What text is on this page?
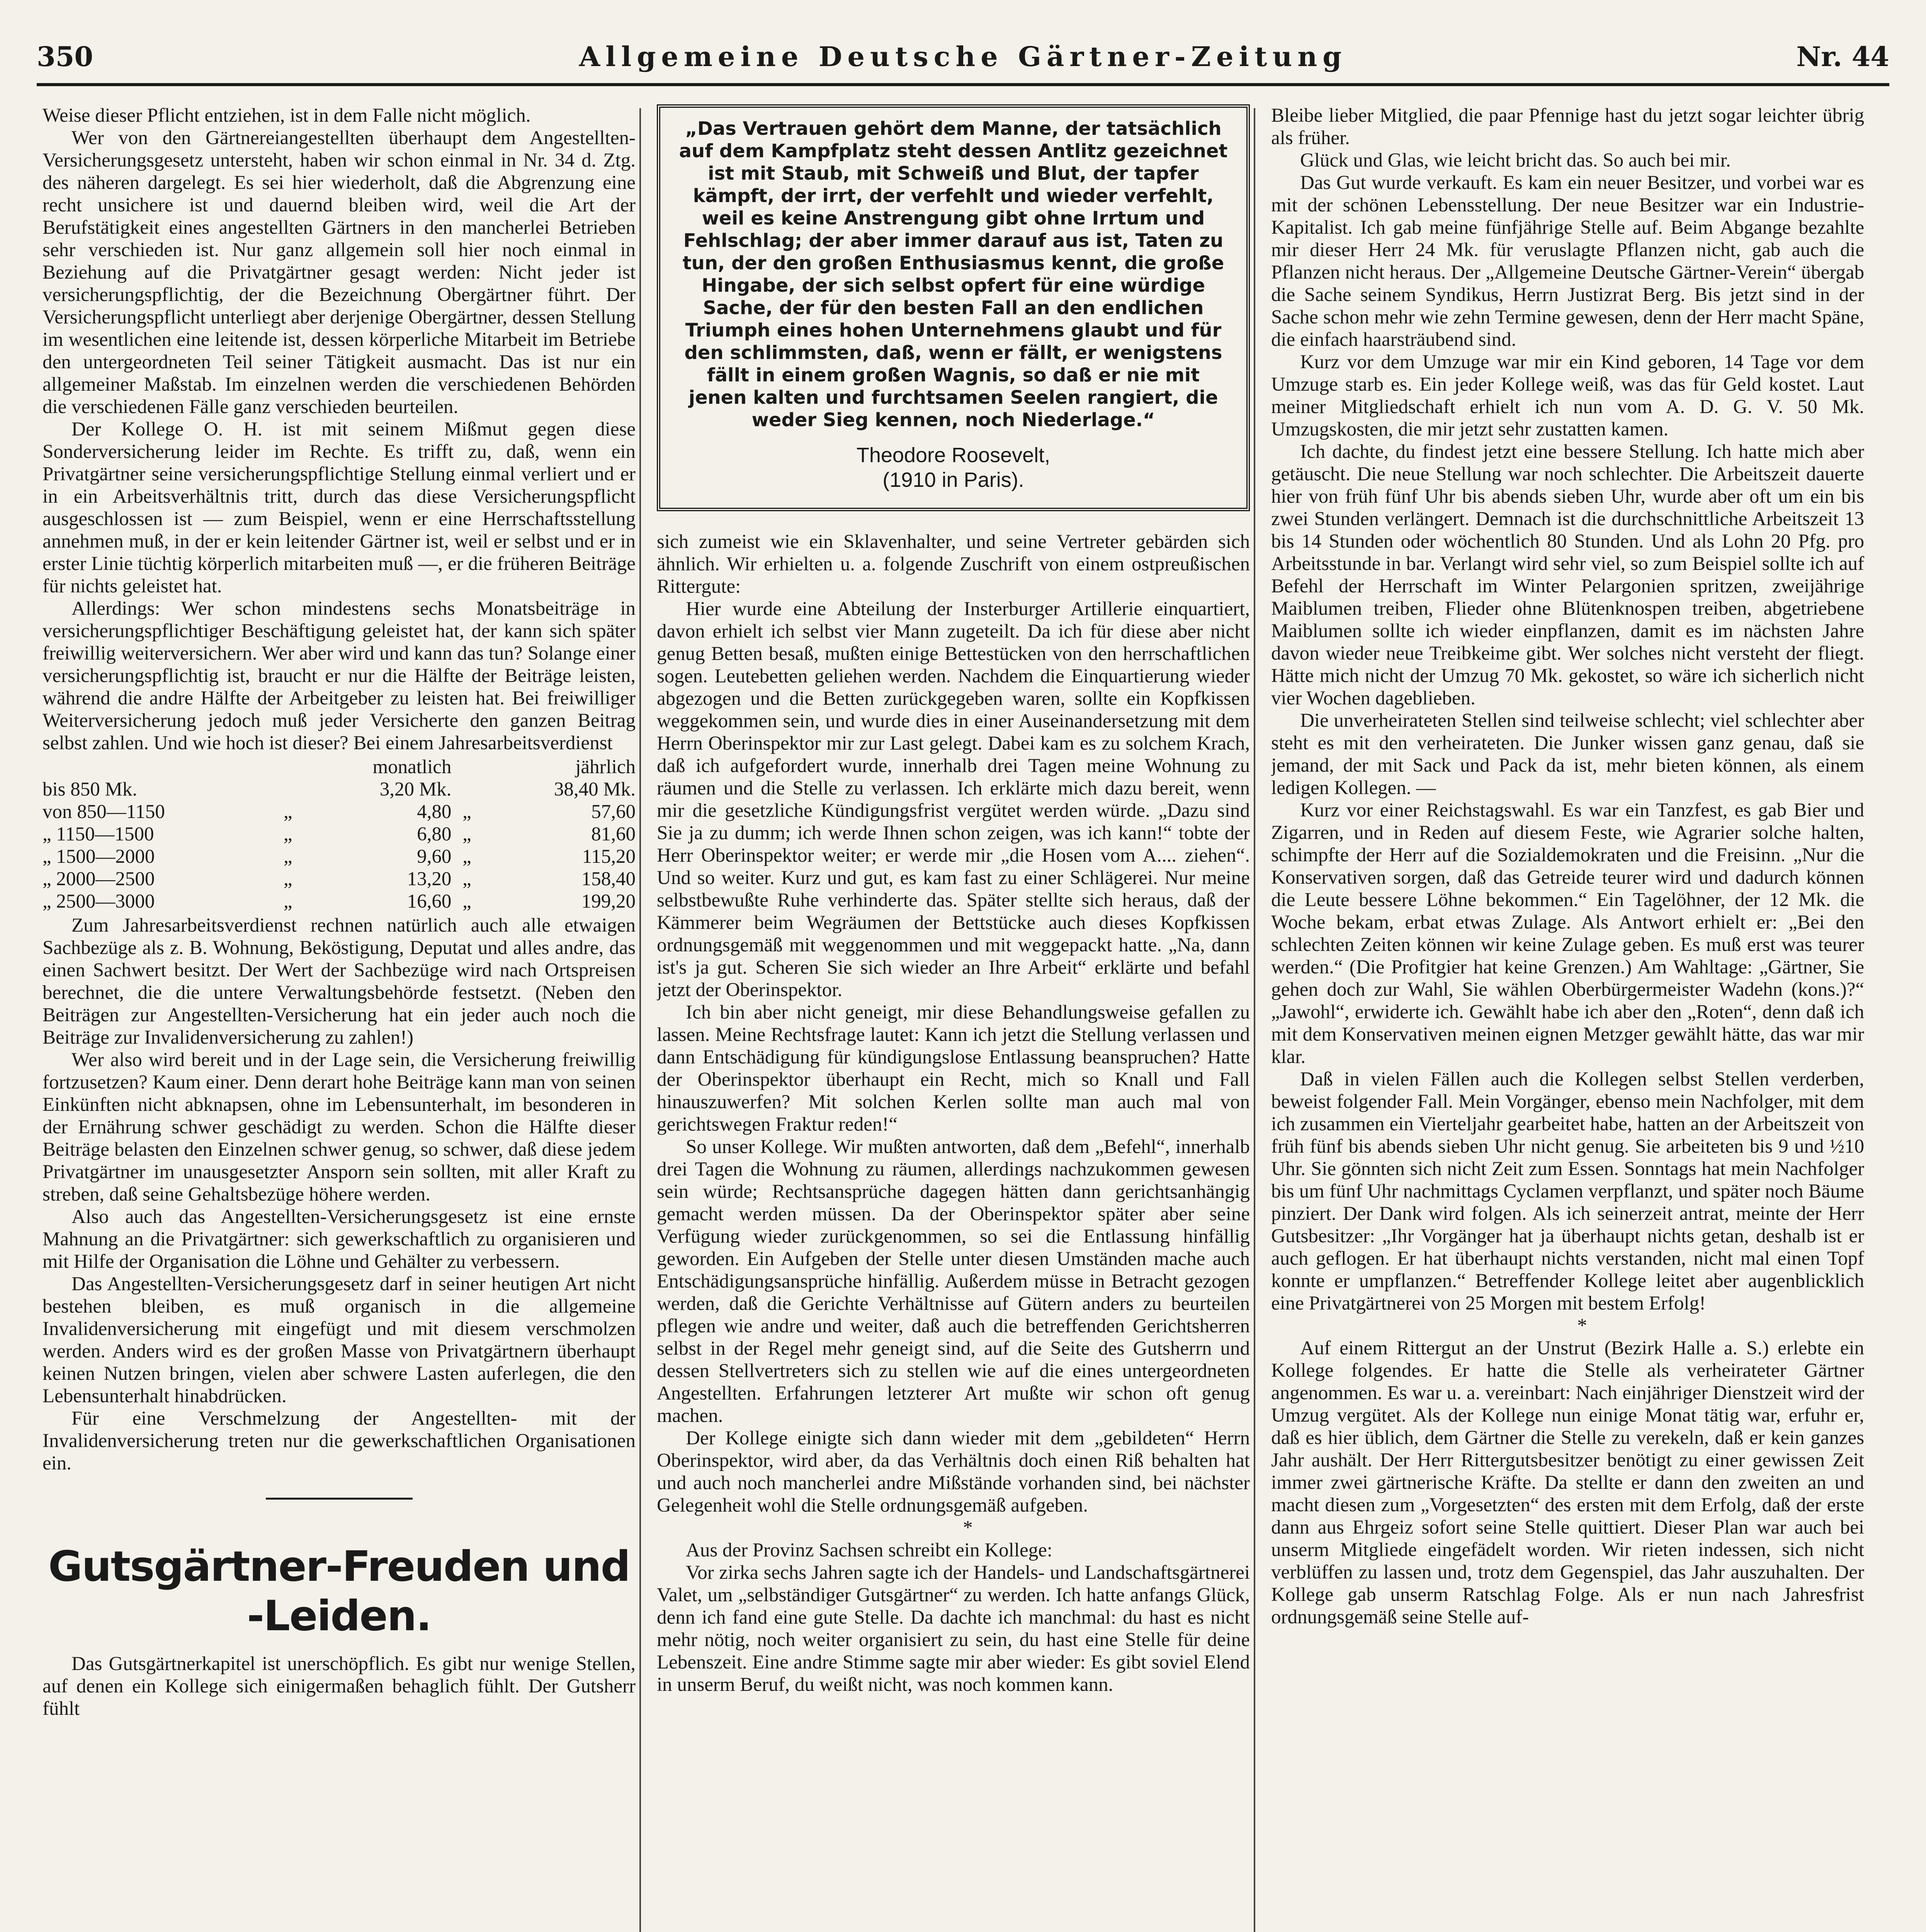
350	Allgemeine Deutsche Gärtner-Zeitung	Nr. 44

Weise dieser Pflicht entziehen, ist in dem Falle nicht möglich.

Wer von den Gärtnereiangestellten überhaupt dem Angestellten-Versicherungsgesetz untersteht, haben wir schon einmal in Nr. 34 d. Ztg. des näheren dargelegt. Es sei hier wiederholt, daß die Abgrenzung eine recht unsichere ist und dauernd bleiben wird, weil die Art der Berufstätigkeit eines angestellten Gärtners in den mancherlei Betrieben sehr verschieden ist. Nur ganz allgemein soll hier noch einmal in Beziehung auf die Privatgärtner gesagt werden: Nicht jeder ist versicherungspflichtig, der die Bezeichnung Obergärtner führt. Der Versicherungspflicht unterliegt aber derjenige Obergärtner, dessen Stellung im wesentlichen eine leitende ist, dessen körperliche Mitarbeit im Betriebe den untergeordneten Teil seiner Tätigkeit ausmacht. Das ist nur ein allgemeiner Maßstab. Im einzelnen werden die verschiedenen Behörden die verschiedenen Fälle ganz verschieden beurteilen.

Der Kollege O. H. ist mit seinem Mißmut gegen diese Sonderversicherung leider im Rechte. Es trifft zu, daß, wenn ein Privatgärtner seine versicherungspflichtige Stellung einmal verliert und er in ein Arbeitsverhältnis tritt, durch das diese Versicherungspflicht ausgeschlossen ist — zum Beispiel, wenn er eine Herrschaftsstellung annehmen muß, in der er kein leitender Gärtner ist, weil er selbst und er in erster Linie tüchtig körperlich mitarbeiten muß —, er die früheren Beiträge für nichts geleistet hat.

Allerdings: Wer schon mindestens sechs Monatsbeiträge in versicherungspflichtiger Beschäftigung geleistet hat, der kann sich später freiwillig weiterversichern. Wer aber wird und kann das tun? Solange einer versicherungspflichtig ist, braucht er nur die Hälfte der Beiträge leisten, während die andre Hälfte der Arbeitgeber zu leisten hat. Bei freiwilliger Weiterversicherung jedoch muß jeder Versicherte den ganzen Beitrag selbst zahlen. Und wie hoch ist dieser? Bei einem Jahresarbeitsverdienst

		monatlich		jährlich
bis 850 Mk.		3,20 Mk.		38,40 Mk.
von 850—1150	„	4,80	„	57,60
„ 1150—1500	„	6,80	„	81,60
„ 1500—2000	„	9,60	„	115,20
„ 2000—2500	„	13,20	„	158,40
„ 2500—3000	„	16,60	„	199,20

Zum Jahresarbeitsverdienst rechnen natürlich auch alle etwaigen Sachbezüge als z. B. Wohnung, Beköstigung, Deputat und alles andre, das einen Sachwert besitzt. Der Wert der Sachbezüge wird nach Ortspreisen berechnet, die die untere Verwaltungsbehörde festsetzt. (Neben den Beiträgen zur Angestellten-Versicherung hat ein jeder auch noch die Beiträge zur Invalidenversicherung zu zahlen!)

Wer also wird bereit und in der Lage sein, die Versicherung freiwillig fortzusetzen? Kaum einer. Denn derart hohe Beiträge kann man von seinen Einkünften nicht abknapsen, ohne im Lebensunterhalt, im besonderen in der Ernährung schwer geschädigt zu werden. Schon die Hälfte dieser Beiträge belasten den Einzelnen schwer genug, so schwer, daß diese jedem Privatgärtner im unausgesetzter Ansporn sein sollten, mit aller Kraft zu streben, daß seine Gehaltsbezüge höhere werden.

Also auch das Angestellten-Versicherungsgesetz ist eine ernste Mahnung an die Privatgärtner: sich gewerkschaftlich zu organisieren und mit Hilfe der Organisation die Löhne und Gehälter zu verbessern.

Das Angestellten-Versicherungsgesetz darf in seiner heutigen Art nicht bestehen bleiben, es muß organisch in die allgemeine Invalidenversicherung mit eingefügt und mit diesem verschmolzen werden. Anders wird es der großen Masse von Privatgärtnern überhaupt keinen Nutzen bringen, vielen aber schwere Lasten auferlegen, die den Lebensunterhalt hinabdrücken.

Für eine Verschmelzung der Angestellten- mit der Invalidenversicherung treten nur die gewerkschaftlichen Organisationen ein.

Gutsgärtner-Freuden und -Leiden.

Das Gutsgärtnerkapitel ist unerschöpflich. Es gibt nur wenige Stellen, auf denen ein Kollege sich einigermaßen behaglich fühlt. Der Gutsherr fühlt

„Das Vertrauen gehört dem Manne, der tatsächlich auf dem Kampfplatz steht dessen Antlitz gezeichnet ist mit Staub, mit Schweiß und Blut, der tapfer kämpft, der irrt, der verfehlt und wieder verfehlt, weil es keine Anstrengung gibt ohne Irrtum und Fehlschlag; der aber immer darauf aus ist, Taten zu tun, der den großen Enthusiasmus kennt, die große Hingabe, der sich selbst opfert für eine würdige Sache, der für den besten Fall an den endlichen Triumph eines hohen Unternehmens glaubt und für den schlimmsten, daß, wenn er fällt, er wenigstens fällt in einem großen Wagnis, so daß er nie mit jenen kalten und furchtsamen Seelen rangiert, die weder Sieg kennen, noch Niederlage.“

Theodore Roosevelt,
(1910 in Paris).

sich zumeist wie ein Sklavenhalter, und seine Vertreter gebärden sich ähnlich. Wir erhielten u. a. folgende Zuschrift von einem ostpreußischen Rittergute:

Hier wurde eine Abteilung der Insterburger Artillerie einquartiert, davon erhielt ich selbst vier Mann zugeteilt. Da ich für diese aber nicht genug Betten besaß, mußten einige Bettestücken von den herrschaftlichen sogen. Leutebetten geliehen werden. Nachdem die Einquartierung wieder abgezogen und die Betten zurückgegeben waren, sollte ein Kopfkissen weggekommen sein, und wurde dies in einer Auseinandersetzung mit dem Herrn Oberinspektor mir zur Last gelegt. Dabei kam es zu solchem Krach, daß ich aufgefordert wurde, innerhalb drei Tagen meine Wohnung zu räumen und die Stelle zu verlassen. Ich erklärte mich dazu bereit, wenn mir die gesetzliche Kündigungsfrist vergütet werden würde. „Dazu sind Sie ja zu dumm; ich werde Ihnen schon zeigen, was ich kann!“ tobte der Herr Oberinspektor weiter; er werde mir „die Hosen vom A.... ziehen“. Und so weiter. Kurz und gut, es kam fast zu einer Schlägerei. Nur meine selbstbewußte Ruhe verhinderte das. Später stellte sich heraus, daß der Kämmerer beim Wegräumen der Bettstücke auch dieses Kopfkissen ordnungsgemäß mit weggenommen und mit weggepackt hatte. „Na, dann ist's ja gut. Scheren Sie sich wieder an Ihre Arbeit“ erklärte und befahl jetzt der Oberinspektor.

Ich bin aber nicht geneigt, mir diese Behandlungsweise gefallen zu lassen. Meine Rechtsfrage lautet: Kann ich jetzt die Stellung verlassen und dann Entschädigung für kündigungslose Entlassung beanspruchen? Hatte der Oberinspektor überhaupt ein Recht, mich so Knall und Fall hinauszuwerfen? Mit solchen Kerlen sollte man auch mal von gerichtswegen Fraktur reden!“

So unser Kollege. Wir mußten antworten, daß dem „Befehl“, innerhalb drei Tagen die Wohnung zu räumen, allerdings nachzukommen gewesen sein würde; Rechtsansprüche dagegen hätten dann gerichtsanhängig gemacht werden müssen. Da der Oberinspektor später aber seine Verfügung wieder zurückgenommen, so sei die Entlassung hinfällig geworden. Ein Aufgeben der Stelle unter diesen Umständen mache auch Entschädigungsansprüche hinfällig. Außerdem müsse in Betracht gezogen werden, daß die Gerichte Verhältnisse auf Gütern anders zu beurteilen pflegen wie andre und weiter, daß auch die betreffenden Gerichtsherren selbst in der Regel mehr geneigt sind, auf die Seite des Gutsherrn und dessen Stellvertreters sich zu stellen wie auf die eines untergeordneten Angestellten. Erfahrungen letzterer Art mußte wir schon oft genug machen.

Der Kollege einigte sich dann wieder mit dem „gebildeten“ Herrn Oberinspektor, wird aber, da das Verhältnis doch einen Riß behalten hat und auch noch mancherlei andre Mißstände vorhanden sind, bei nächster Gelegenheit wohl die Stelle ordnungsgemäß aufgeben.

*

Aus der Provinz Sachsen schreibt ein Kollege:

Vor zirka sechs Jahren sagte ich der Handels- und Landschaftsgärtnerei Valet, um „selbständiger Gutsgärtner“ zu werden. Ich hatte anfangs Glück, denn ich fand eine gute Stelle. Da dachte ich manchmal: du hast es nicht mehr nötig, noch weiter organisiert zu sein, du hast eine Stelle für deine Lebenszeit. Eine andre Stimme sagte mir aber wieder: Es gibt soviel Elend in unserm Beruf, du weißt nicht, was noch kommen kann.

Bleibe lieber Mitglied, die paar Pfennige hast du jetzt sogar leichter übrig als früher.

Glück und Glas, wie leicht bricht das. So auch bei mir.

Das Gut wurde verkauft. Es kam ein neuer Besitzer, und vorbei war es mit der schönen Lebensstellung. Der neue Besitzer war ein Industrie-Kapitalist. Ich gab meine fünfjährige Stelle auf. Beim Abgange bezahlte mir dieser Herr 24 Mk. für veruslagte Pflanzen nicht, gab auch die Pflanzen nicht heraus. Der „Allgemeine Deutsche Gärtner-Verein“ übergab die Sache seinem Syndikus, Herrn Justizrat Berg. Bis jetzt sind in der Sache schon mehr wie zehn Termine gewesen, denn der Herr macht Späne, die einfach haarsträubend sind.

Kurz vor dem Umzuge war mir ein Kind geboren, 14 Tage vor dem Umzuge starb es. Ein jeder Kollege weiß, was das für Geld kostet. Laut meiner Mitgliedschaft erhielt ich nun vom A. D. G. V. 50 Mk. Umzugskosten, die mir jetzt sehr zustatten kamen.

Ich dachte, du findest jetzt eine bessere Stellung. Ich hatte mich aber getäuscht. Die neue Stellung war noch schlechter. Die Arbeitszeit dauerte hier von früh fünf Uhr bis abends sieben Uhr, wurde aber oft um ein bis zwei Stunden verlängert. Demnach ist die durchschnittliche Arbeitszeit 13 bis 14 Stunden oder wöchentlich 80 Stunden. Und als Lohn 20 Pfg. pro Arbeitsstunde in bar. Verlangt wird sehr viel, so zum Beispiel sollte ich auf Befehl der Herrschaft im Winter Pelargonien spritzen, zweijährige Maiblumen treiben, Flieder ohne Blütenknospen treiben, abgetriebene Maiblumen sollte ich wieder einpflanzen, damit es im nächsten Jahre davon wieder neue Treibkeime gibt. Wer solches nicht versteht der fliegt. Hätte mich nicht der Umzug 70 Mk. gekostet, so wäre ich sicherlich nicht vier Wochen dageblieben.

Die unverheirateten Stellen sind teilweise schlecht; viel schlechter aber steht es mit den verheirateten. Die Junker wissen ganz genau, daß sie jemand, der mit Sack und Pack da ist, mehr bieten können, als einem ledigen Kollegen. —

Kurz vor einer Reichstagswahl. Es war ein Tanzfest, es gab Bier und Zigarren, und in Reden auf diesem Feste, wie Agrarier solche halten, schimpfte der Herr auf die Sozialdemokraten und die Freisinn. „Nur die Konservativen sorgen, daß das Getreide teurer wird und dadurch können die Leute bessere Löhne bekommen.“ Ein Tagelöhner, der 12 Mk. die Woche bekam, erbat etwas Zulage. Als Antwort erhielt er: „Bei den schlechten Zeiten können wir keine Zulage geben. Es muß erst was teurer werden.“ (Die Profitgier hat keine Grenzen.) Am Wahltage: „Gärtner, Sie gehen doch zur Wahl, Sie wählen Oberbürgermeister Wadehn (kons.)?“ „Jawohl“, erwiderte ich. Gewählt habe ich aber den „Roten“, denn daß ich mit dem Konservativen meinen eignen Metzger gewählt hätte, das war mir klar.

Daß in vielen Fällen auch die Kollegen selbst Stellen verderben, beweist folgender Fall. Mein Vorgänger, ebenso mein Nachfolger, mit dem ich zusammen ein Vierteljahr gearbeitet habe, hatten an der Arbeitszeit von früh fünf bis abends sieben Uhr nicht genug. Sie arbeiteten bis 9 und ½10 Uhr. Sie gönnten sich nicht Zeit zum Essen. Sonntags hat mein Nachfolger bis um fünf Uhr nachmittags Cyclamen verpflanzt, und später noch Bäume pinziert. Der Dank wird folgen. Als ich seinerzeit antrat, meinte der Herr Gutsbesitzer: „Ihr Vorgänger hat ja überhaupt nichts getan, deshalb ist er auch geflogen. Er hat überhaupt nichts verstanden, nicht mal einen Topf konnte er umpflanzen.“ Betreffender Kollege leitet aber augenblicklich eine Privatgärtnerei von 25 Morgen mit bestem Erfolg!

*

Auf einem Rittergut an der Unstrut (Bezirk Halle a. S.) erlebte ein Kollege folgendes. Er hatte die Stelle als verheirateter Gärtner angenommen. Es war u. a. vereinbart: Nach einjähriger Dienstzeit wird der Umzug vergütet. Als der Kollege nun einige Monat tätig war, erfuhr er, daß es hier üblich, dem Gärtner die Stelle zu verekeln, daß er kein ganzes Jahr aushält. Der Herr Rittergutsbesitzer benötigt zu einer gewissen Zeit immer zwei gärtnerische Kräfte. Da stellte er dann den zweiten an und macht diesen zum „Vorgesetzten“ des ersten mit dem Erfolg, daß der erste dann aus Ehrgeiz sofort seine Stelle quittiert. Dieser Plan war auch bei unserm Mitgliede eingefädelt worden. Wir rieten indessen, sich nicht verblüffen zu lassen und, trotz dem Gegenspiel, das Jahr auszuhalten. Der Kollege gab unserm Ratschlag Folge. Als er nun nach Jahresfrist ordnungsgemäß seine Stelle auf-
